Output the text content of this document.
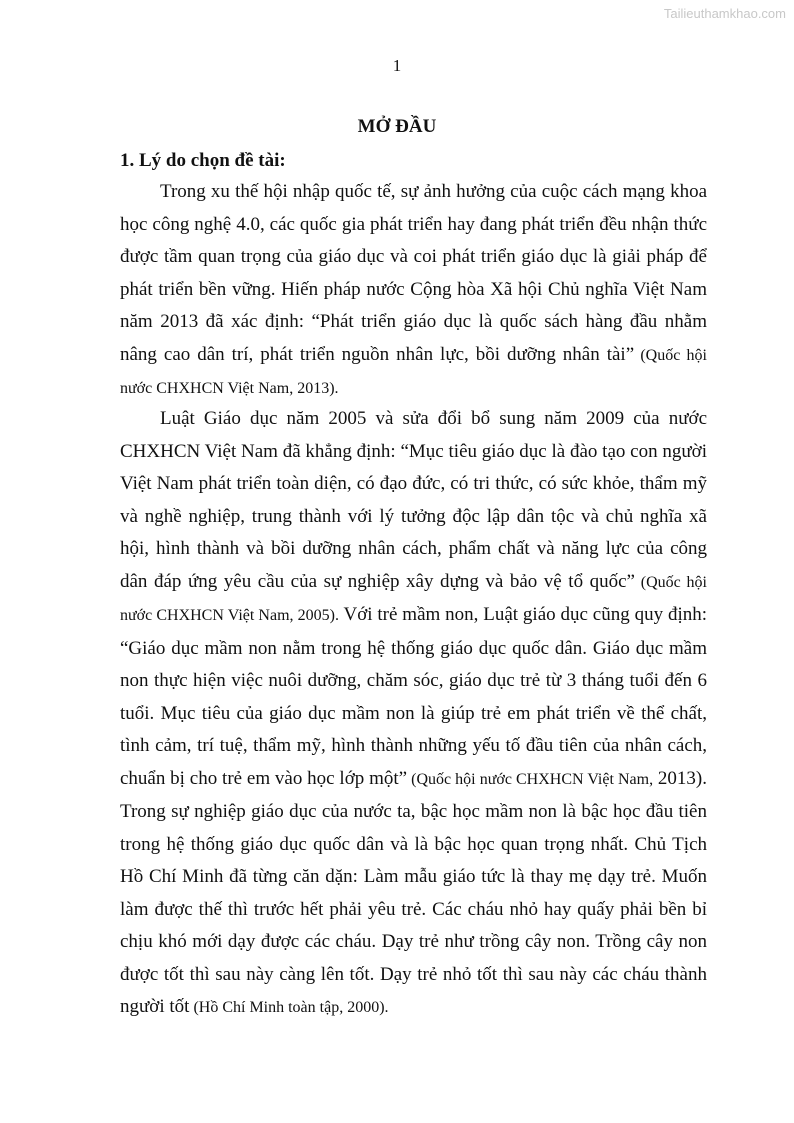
Tailieuthamkhao.com
1
MỞ ĐẦU
1. Lý do chọn đề tài:

Trong xu thế hội nhập quốc tế, sự ảnh hưởng của cuộc cách mạng khoa học công nghệ 4.0, các quốc gia phát triển hay đang phát triển đều nhận thức được tầm quan trọng của giáo dục và coi phát triển giáo dục là giải pháp để phát triển bền vững. Hiến pháp nước Cộng hòa Xã hội Chủ nghĩa Việt Nam năm 2013 đã xác định: “Phát triển giáo dục là quốc sách hàng đầu nhằm nâng cao dân trí, phát triển nguồn nhân lực, bồi dưỡng nhân tài” (Quốc hội nước CHXHCN Việt Nam, 2013).

Luật Giáo dục năm 2005 và sửa đổi bổ sung năm 2009 của nước CHXHCN Việt Nam đã khẳng định: “Mục tiêu giáo dục là đào tạo con người Việt Nam phát triển toàn diện, có đạo đức, có tri thức, có sức khỏe, thẩm mỹ và nghề nghiệp, trung thành với lý tưởng độc lập dân tộc và chủ nghĩa xã hội, hình thành và bồi dưỡng nhân cách, phẩm chất và năng lực của công dân đáp ứng yêu cầu của sự nghiệp xây dựng và bảo vệ tổ quốc” (Quốc hội nước CHXHCN Việt Nam, 2005). Với trẻ mầm non, Luật giáo dục cũng quy định: “Giáo dục mầm non nằm trong hệ thống giáo dục quốc dân. Giáo dục mầm non thực hiện việc nuôi dưỡng, chăm sóc, giáo dục trẻ từ 3 tháng tuổi đến 6 tuổi. Mục tiêu của giáo dục mầm non là giúp trẻ em phát triển về thể chất, tình cảm, trí tuệ, thẩm mỹ, hình thành những yếu tố đầu tiên của nhân cách, chuẩn bị cho trẻ em vào học lớp một” (Quốc hội nước CHXHCN Việt Nam, 2013). Trong sự nghiệp giáo dục của nước ta, bậc học mầm non là bậc học đầu tiên trong hệ thống giáo dục quốc dân và là bậc học quan trọng nhất. Chủ Tịch Hồ Chí Minh đã từng căn dặn: Làm mẫu giáo tức là thay mẹ dạy trẻ. Muốn làm được thế thì trước hết phải yêu trẻ. Các cháu nhỏ hay quấy phải bền bỉ chịu khó mới dạy được các cháu. Dạy trẻ như trồng cây non. Trồng cây non được tốt thì sau này càng lên tốt. Dạy trẻ nhỏ tốt thì sau này các cháu thành người tốt (Hồ Chí Minh toàn tập, 2000).
